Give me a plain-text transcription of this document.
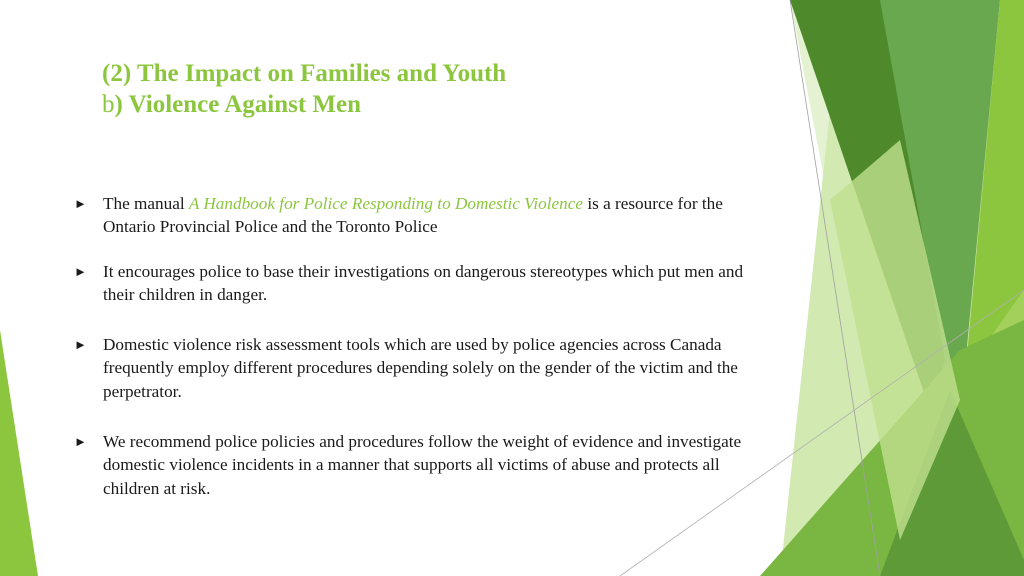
(2) The Impact on Families and Youth
b) Violence Against Men
► The manual A Handbook for Police Responding to Domestic Violence is a resource for the Ontario Provincial Police and the Toronto Police
► It encourages police to base their investigations on dangerous stereotypes which put men and their children in danger.
► Domestic violence risk assessment tools which are used by police agencies across Canada frequently employ different procedures depending solely on the gender of the victim and the perpetrator.
► We recommend police policies and procedures follow the weight of evidence and investigate domestic violence incidents in a manner that supports all victims of abuse and protects all children at risk.
